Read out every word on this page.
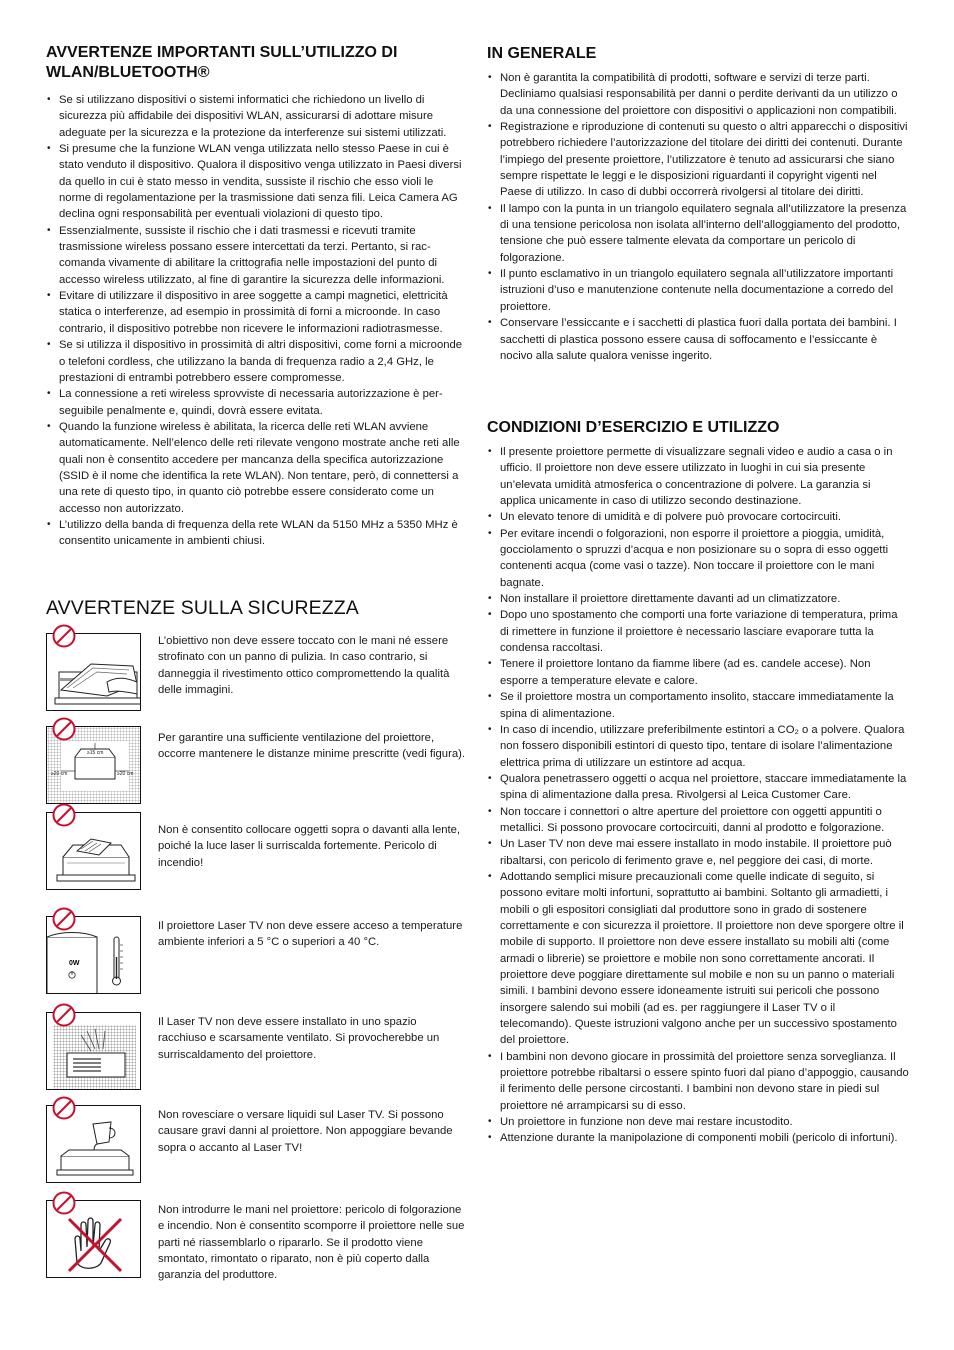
AVVERTENZE IMPORTANTI SULL’UTILIZZO DI
WLAN/BLUETOOTH®
• Se si utilizzano dispositivi o sistemi informatici che richiedono un livello di sicurezza più affidabile dei dispositivi WLAN, assicurarsi di adottare misure adeguate per la sicurezza e la protezione da interferenze sui sistemi utilizzati.
• Si presume che la funzione WLAN venga utilizzata nello stesso Paese in cui è stato venduto il dispositivo. Qualora il dispositivo venga utilizzato in Paesi diversi da quello in cui è stato messo in vendita, sussiste il rischio che esso violi le norme di regolamentazione per la trasmissione dati senza fili. Leica Camera AG declina ogni responsabilità per eventuali violazioni di questo tipo.
• Essenzialmente, sussiste il rischio che i dati trasmessi e ricevuti tramite trasmissione wireless possano essere intercettati da terzi. Pertanto, si raccomanda vivamente di abilitare la crittografia nelle impostazioni del punto di accesso wireless utilizzato, al fine di garantire la sicurezza delle informazioni.
• Evitare di utilizzare il dispositivo in aree soggette a campi magnetici, elettricità statica o interferenze, ad esempio in prossimità di forni a microonde. In caso contrario, il dispositivo potrebbe non ricevere le informazioni radiotrasmesse.
• Se si utilizza il dispositivo in prossimità di altri dispositivi, come forni a microonde o telefoni cordless, che utilizzano la banda di frequenza radio a 2,4 GHz, le prestazioni di entrambi potrebbero essere compromesse.
• La connessione a reti wireless sprovviste di necessaria autorizzazione è perseguibile penalmente e, quindi, dovrà essere evitata.
• Quando la funzione wireless è abilitata, la ricerca delle reti WLAN avviene automaticamente. Nell’elenco delle reti rilevate vengono mostrate anche reti alle quali non è consentito accedere per mancanza della specifica autorizzazione (SSID è il nome che identifica la rete WLAN). Non tentare, però, di connettersi a una rete di questo tipo, in quanto ciò potrebbe essere considerato come un accesso non autorizzato.
• L’utilizzo della banda di frequenza della rete WLAN da 5150 MHz a 5350 MHz è consentito unicamente in ambienti chiusi.
AVVERTENZE SULLA SICUREZZA
L’obiettivo non deve essere toccato con le mani né essere strofinato con un panno di pulizia. In caso contrario, si danneggia il rivestimento ottico compromettendo la qualità delle immagini.
≥15 cm
≥20 cm	≥20 cm
Per garantire una sufficiente ventilazione del proiettore, occorre mantenere le distanze minime prescritte (vedi figura).
Non è consentito collocare oggetti sopra o davanti alla lente, poiché la luce laser li surriscalda fortemente. Pericolo di incendio!
0W
Il proiettore Laser TV non deve essere acceso a temperature ambiente inferiori a 5 °C o superiori a 40 °C.
Il Laser TV non deve essere installato in uno spazio racchiuso e scarsamente ventilato. Si provocherebbe un surriscaldamento del proiettore.
Non rovesciare o versare liquidi sul Laser TV. Si possono causare gravi danni al proiettore. Non appoggiare bevande sopra o accanto al Laser TV!
Non introdurre le mani nel proiettore: pericolo di folgorazione e incendio. Non è consentito scomporre il proiettore nelle sue parti né riassemblarlo o ripararlo. Se il prodotto viene smontato, rimontato o riparato, non è più coperto dalla garanzia del produttore.
IN GENERALE
• Non è garantita la compatibilità di prodotti, software e servizi di terze parti. Decliniamo qualsiasi responsabilità per danni o perdite derivanti da un utilizzo o da una connessione del proiettore con dispositivi o applicazioni non compatibili.
• Registrazione e riproduzione di contenuti su questo o altri apparecchi o dispositivi potrebbero richiedere l’autorizzazione del titolare dei diritti dei contenuti. Durante l’impiego del presente proiettore, l’utilizzatore è tenuto ad assicurarsi che siano sempre rispettate le leggi e le disposizioni riguardanti il copyright vigenti nel Paese di utilizzo. In caso di dubbi occorrerà rivolgersi al titolare dei diritti.
• Il lampo con la punta in un triangolo equilatero segnala all’utilizzatore la presenza di una tensione pericolosa non isolata all’interno dell’alloggiamento del prodotto, tensione che può essere talmente elevata da comportare un pericolo di folgorazione.
• Il punto esclamativo in un triangolo equilatero segnala all’utilizzatore importanti istruzioni d’uso e manutenzione contenute nella documentazione a corredo del proiettore.
• Conservare l’essiccante e i sacchetti di plastica fuori dalla portata dei bambini. I sacchetti di plastica possono essere causa di soffocamento e l’essiccante è nocivo alla salute qualora venisse ingerito.
CONDIZIONI D’ESERCIZIO E UTILIZZO
• Il presente proiettore permette di visualizzare segnali video e audio a casa o in ufficio. Il proiettore non deve essere utilizzato in luoghi in cui sia presente un’elevata umidità atmosferica o concentrazione di polvere. La garanzia si applica unicamente in caso di utilizzo secondo destinazione.
• Un elevato tenore di umidità e di polvere può provocare cortocircuiti.
• Per evitare incendi o folgorazioni, non esporre il proiettore a pioggia, umidità, gocciolamento o spruzzi d’acqua e non posizionare su o sopra di esso oggetti contenenti acqua (come vasi o tazze). Non toccare il proiettore con le mani bagnate.
• Non installare il proiettore direttamente davanti ad un climatizzatore.
• Dopo uno spostamento che comporti una forte variazione di temperatura, prima di rimettere in funzione il proiettore è necessario lasciare evaporare tutta la condensa raccoltasi.
• Tenere il proiettore lontano da fiamme libere (ad es. candele accese). Non esporre a temperature elevate e calore.
• Se il proiettore mostra un comportamento insolito, staccare immediatamente la spina di alimentazione.
• In caso di incendio, utilizzare preferibilmente estintori a CO₂ o a polvere. Qualora non fossero disponibili estintori di questo tipo, tentare di isolare l’alimentazione elettrica prima di utilizzare un estintore ad acqua.
• Qualora penetrassero oggetti o acqua nel proiettore, staccare immediatamente la spina di alimentazione dalla presa. Rivolgersi al Leica Customer Care.
• Non toccare i connettori o altre aperture del proiettore con oggetti appuntiti o metallici. Si possono provocare cortocircuiti, danni al prodotto e folgorazione.
• Un Laser TV non deve mai essere installato in modo instabile. Il proiettore può ribaltarsi, con pericolo di ferimento grave e, nel peggiore dei casi, di morte.
• Adottando semplici misure precauzionali come quelle indicate di seguito, si possono evitare molti infortuni, soprattutto ai bambini. Soltanto gli armadietti, i mobili o gli espositori consigliati dal produttore sono in grado di sostenere correttamente e con sicurezza il proiettore. Il proiettore non deve sporgere oltre il mobile di supporto. Il proiettore non deve essere installato su mobili alti (come armadi o librerie) se proiettore e mobile non sono correttamente ancorati. Il proiettore deve poggiare direttamente sul mobile e non su un panno o materiali simili. I bambini devono essere idoneamente istruiti sui pericoli che possono insorgere salendo sui mobili (ad es. per raggiungere il Laser TV o il telecomando). Queste istruzioni valgono anche per un successivo spostamento del proiettore.
• I bambini non devono giocare in prossimità del proiettore senza sorveglianza. Il proiettore potrebbe ribaltarsi o essere spinto fuori dal piano d’appoggio, causando il ferimento delle persone circostanti. I bambini non devono stare in piedi sul proiettore né arrampicarsi su di esso.
• Un proiettore in funzione non deve mai restare incustodito.
• Attenzione durante la manipolazione di componenti mobili (pericolo di infortuni).
